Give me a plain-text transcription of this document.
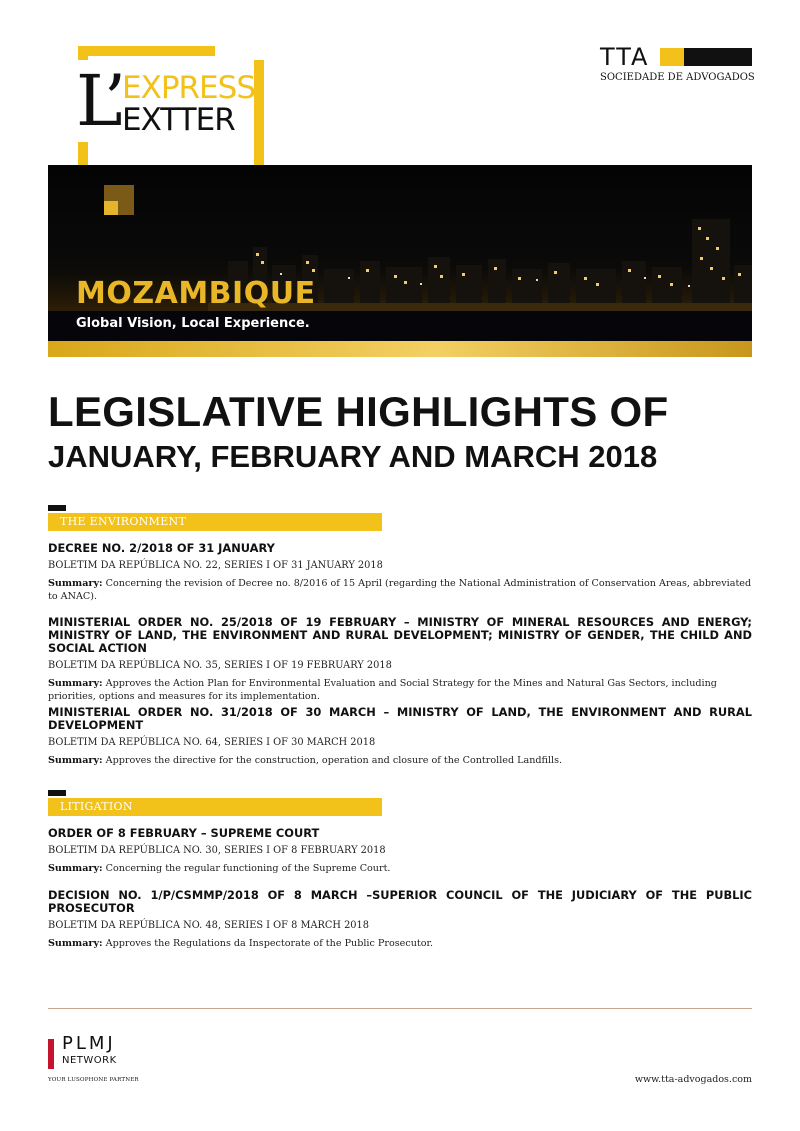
L’
EXPRESS
EXTTER
TTA
SOCIEDADE DE ADVOGADOS
MOZAMBIQUE
Global Vision, Local Experience.
LEGISLATIVE HIGHLIGHTS OF
JANUARY, FEBRUARY AND MARCH 2018
THE ENVIRONMENT
DECREE NO. 2/2018 OF 31 JANUARY
BOLETIM DA REPÚBLICA NO. 22, SERIES I OF 31 JANUARY 2018
Summary: Concerning the revision of Decree no. 8/2016 of 15 April (regarding the National Administration of Conservation Areas, abbreviated to ANAC).
MINISTERIAL ORDER NO. 25/2018 OF 19 FEBRUARY – MINISTRY OF MINERAL RESOURCES AND ENERGY; MINISTRY OF LAND, THE ENVIRONMENT AND RURAL DEVELOPMENT; MINISTRY OF GENDER, THE CHILD AND SOCIAL ACTION
BOLETIM DA REPÚBLICA NO. 35, SERIES I OF 19 FEBRUARY 2018
Summary: Approves the Action Plan for Environmental Evaluation and Social Strategy for the Mines and Natural Gas Sectors, including priorities, options and measures for its implementation.
MINISTERIAL ORDER NO. 31/2018 OF 30 MARCH – MINISTRY OF LAND, THE ENVIRONMENT AND RURAL DEVELOPMENT
BOLETIM DA REPÚBLICA NO. 64, SERIES I OF 30 MARCH 2018
Summary: Approves the directive for the construction, operation and closure of the Controlled Landfills.
LITIGATION
ORDER OF 8 FEBRUARY – SUPREME COURT
BOLETIM DA REPÚBLICA NO. 30, SERIES I OF 8 FEBRUARY 2018
Summary: Concerning the regular functioning of the Supreme Court.
DECISION NO. 1/P/CSMMP/2018 OF 8 MARCH –SUPERIOR COUNCIL OF THE JUDICIARY OF THE PUBLIC PROSECUTOR
BOLETIM DA REPÚBLICA NO. 48, SERIES I OF 8 MARCH 2018
Summary: Approves the Regulations da Inspectorate of the Public Prosecutor.
PLMJ
NETWORK
YOUR LUSOPHONE PARTNER	www.tta-advogados.com
